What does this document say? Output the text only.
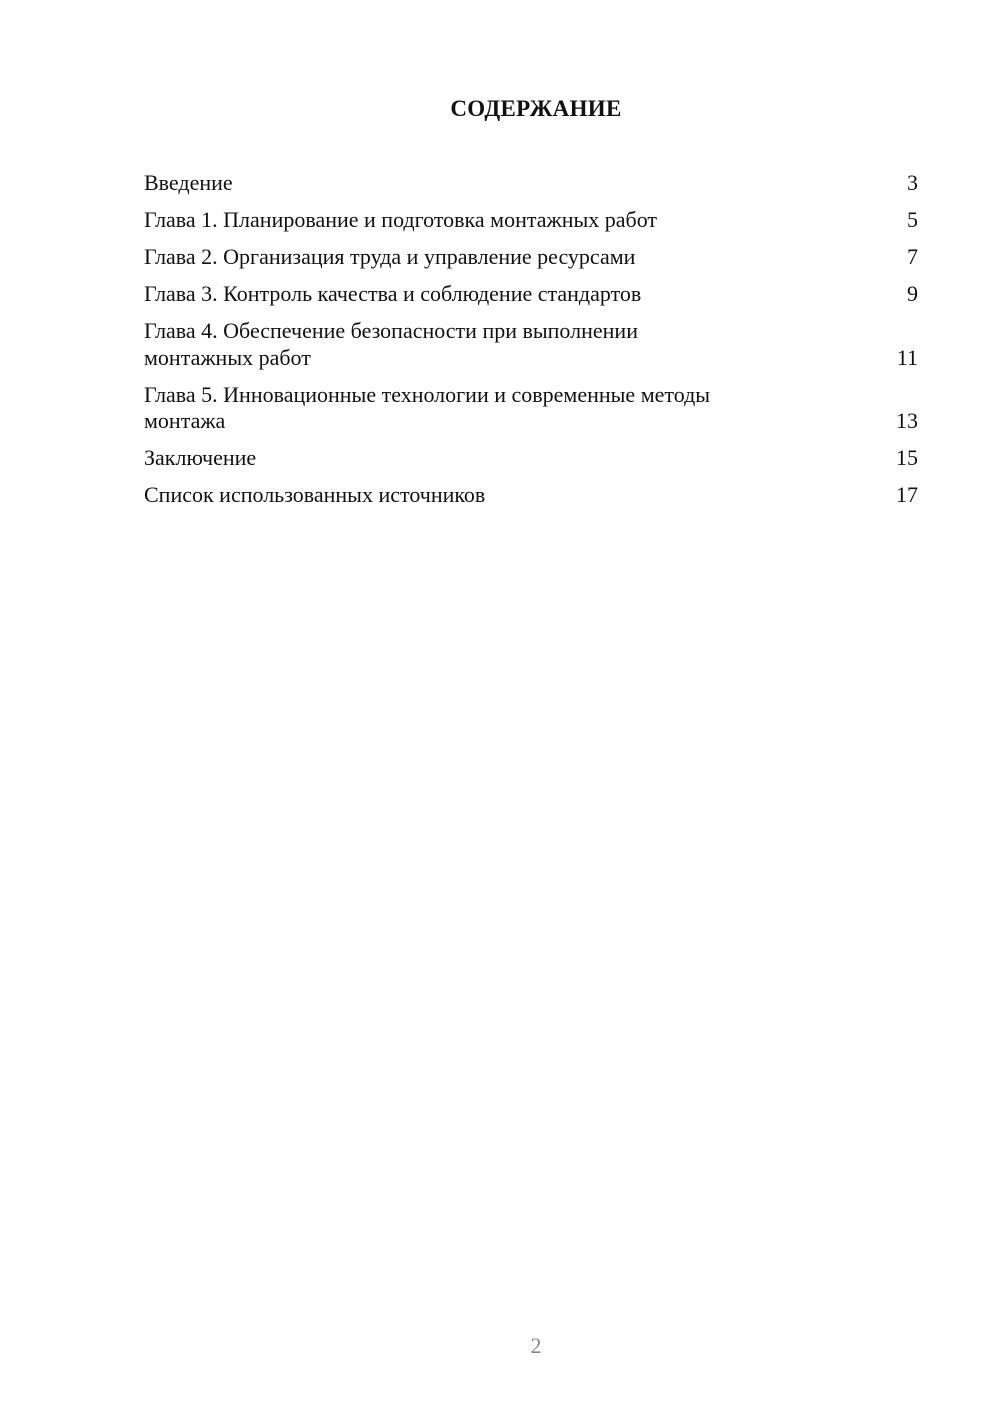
СОДЕРЖАНИЕ
Введение	3
Глава 1. Планирование и подготовка монтажных работ	5
Глава 2. Организация труда и управление ресурсами	7
Глава 3. Контроль качества и соблюдение стандартов	9
Глава 4. Обеспечение безопасности при выполнении
монтажных работ	11
Глава 5. Инновационные технологии и современные методы
монтажа	13
Заключение	15
Список использованных источников	17
2
